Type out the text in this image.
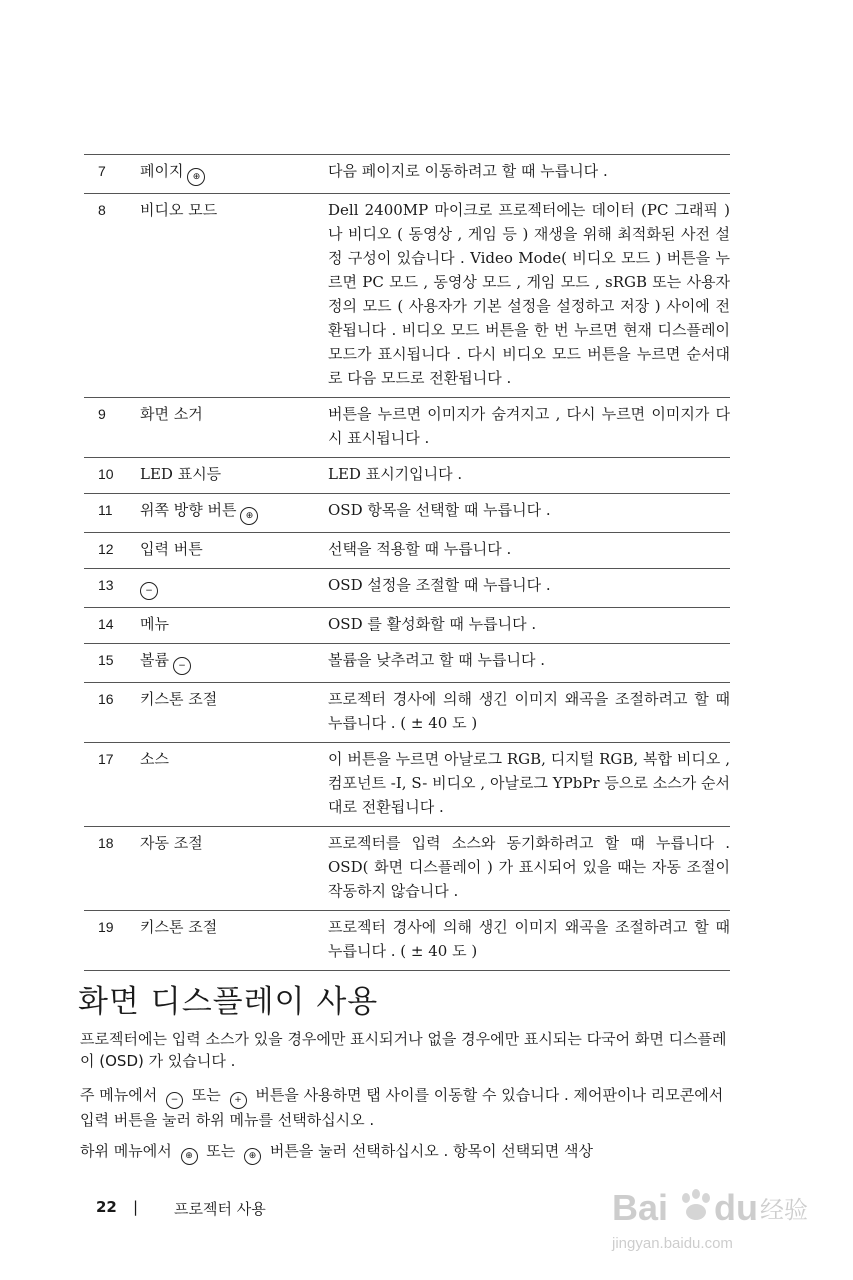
7	페이지 ⊕	다음 페이지로 이동하려고 할 때 누릅니다 .
8	비디오 모드	Dell 2400MP 마이크로 프로젝터에는 데이터 (PC 그래픽 ) 나 비디오 ( 동영상 , 게임 등 ) 재생을 위해 최적화된 사전 설정 구성이 있습니다 . Video Mode( 비디오 모드 ) 버튼을 누르면 PC 모드 , 동영상 모드 , 게임 모드 , sRGB 또는 사용자 정의 모드 ( 사용자가 기본 설정을 설정하고 저장 ) 사이에 전환됩니다 . 비디오 모드 버튼을 한 번 누르면 현재 디스플레이 모드가 표시됩니다 . 다시 비디오 모드 버튼을 누르면 순서대로 다음 모드로 전환됩니다 .
9	화면 소거	버튼을 누르면 이미지가 숨겨지고 , 다시 누르면 이미지가 다시 표시됩니다 .
10	LED 표시등	LED 표시기입니다 .
11	위쪽 방향 버튼 ⊕	OSD 항목을 선택할 때 누릅니다 .
12	입력 버튼	선택을 적용할 때 누릅니다 .
13	−	OSD 설정을 조절할 때 누릅니다 .
14	메뉴	OSD 를 활성화할 때 누릅니다 .
15	볼륨 −	볼륨을 낮추려고 할 때 누릅니다 .
16	키스톤 조절	프로젝터 경사에 의해 생긴 이미지 왜곡을 조절하려고 할 때 누릅니다 . ( ± 40 도 )
17	소스	이 버튼을 누르면 아날로그 RGB, 디지털 RGB, 복합 비디오 , 컴포넌트 -I, S- 비디오 , 아날로그 YPbPr 등으로 소스가 순서대로 전환됩니다 .
18	자동 조절	프로젝터를 입력 소스와 동기화하려고 할 때 누릅니다 . OSD( 화면 디스플레이 ) 가 표시되어 있을 때는 자동 조절이 작동하지 않습니다 .
19	키스톤 조절	프로젝터 경사에 의해 생긴 이미지 왜곡을 조절하려고 할 때 누릅니다 . ( ± 40 도 )
화면 디스플레이 사용

프로젝터에는 입력 소스가 있을 경우에만 표시되거나 없을 경우에만 표시되는 다국어 화면 디스플레이 (OSD) 가 있습니다 .

주 메뉴에서 − 또는 + 버튼을 사용하면 탭 사이를 이동할 수 있습니다 . 제어판이나 리모콘에서 입력 버튼을 눌러 하위 메뉴를 선택하십시오 .

하위 메뉴에서 ⊕ 또는 ⊕ 버튼을 눌러 선택하십시오 . 항목이 선택되면 색상

22 | 프로젝터 사용	Bai du 经验
jingyan.baidu.com
